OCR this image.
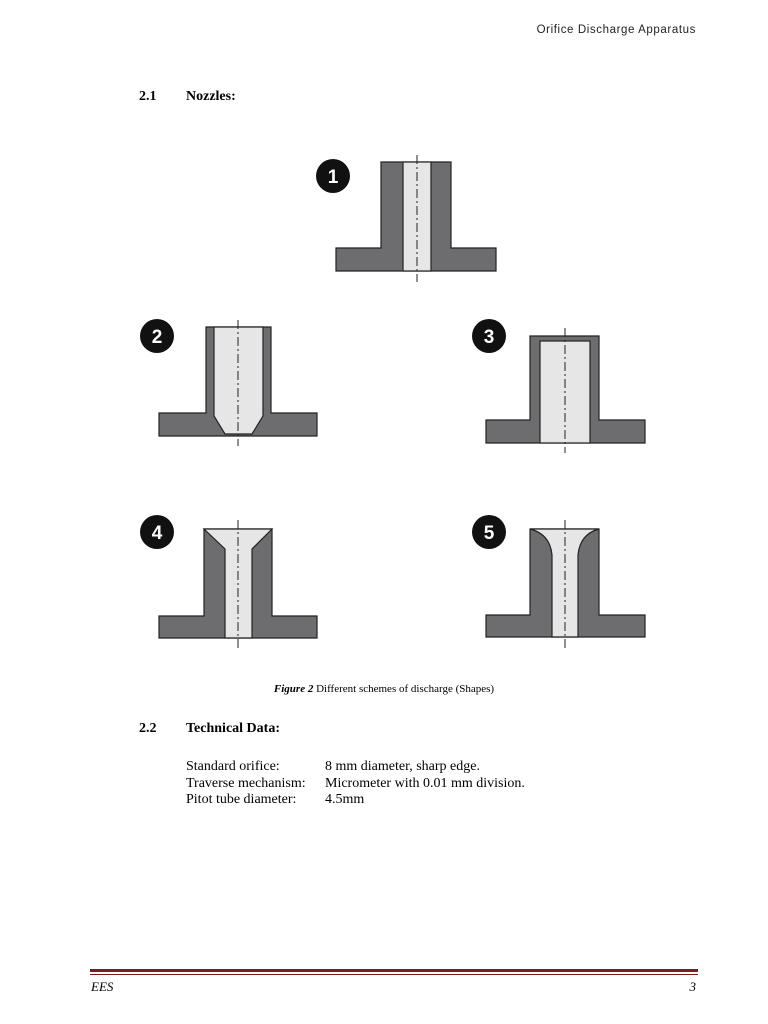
Orifice Discharge Apparatus
2.1 Nozzles:
1
2	3
4	5
Figure 2 Different schemes of discharge (Shapes)
2.2 Technical Data:
Standard orifice:	8 mm diameter, sharp edge.
Traverse mechanism:	Micrometer with 0.01 mm division.
Pitot tube diameter:	4.5mm
EES	3
